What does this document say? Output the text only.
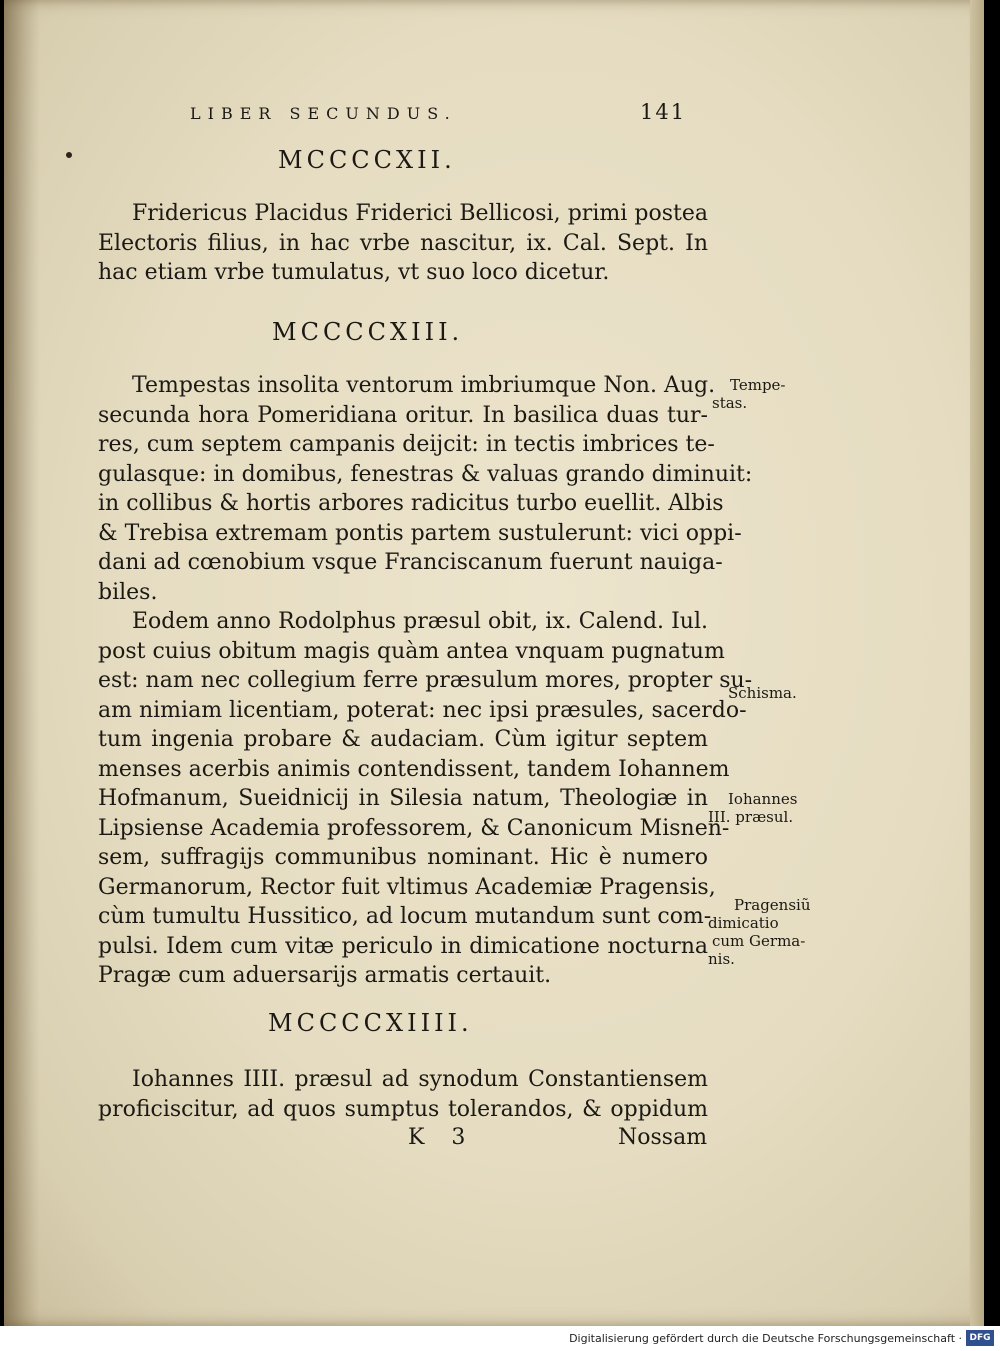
LIBER SECUNDUS.	141
MCCCCXII.
Fridericus Placidus Friderici Bellicosi, primi postea
Electoris filius, in hac vrbe nascitur, ix. Cal. Sept. In
hac etiam vrbe tumulatus, vt suo loco dicetur.
MCCCCXIII.
Tempestas insolita ventorum imbriumque Non. Aug.
secunda hora Pomeridiana oritur. In basilica duas tur-
res, cum septem campanis deijcit: in tectis imbrices te-
gulasque: in domibus, fenestras & valuas grando diminuit:
in collibus & hortis arbores radicitus turbo euellit. Albis
& Trebisa extremam pontis partem sustulerunt: vici oppi-
dani ad cœnobium vsque Franciscanum fuerunt nauiga-
biles.
Eodem anno Rodolphus præsul obit, ix. Calend. Iul.
post cuius obitum magis quàm antea vnquam pugnatum
est: nam nec collegium ferre præsulum mores, propter su-
am nimiam licentiam, poterat: nec ipsi præsules, sacerdo-
tum ingenia probare & audaciam. Cùm igitur septem
menses acerbis animis contendissent, tandem Iohannem
Hofmanum, Sueidnicij in Silesia natum, Theologiæ in
Lipsiense Academia professorem, & Canonicum Misnen-
sem, suffragijs communibus nominant. Hic è numero
Germanorum, Rector fuit vltimus Academiæ Pragensis,
cùm tumultu Hussitico, ad locum mutandum sunt com-
pulsi. Idem cum vitæ periculo in dimicatione nocturna
Pragæ cum aduersarijs armatis certauit.
Tempe-
stas.
Schisma.
Iohannes
III. præsul.
Pragensiũ
dimicatio
cum Germa-
nis.
MCCCCXIIII.
Iohannes IIII. præsul ad synodum Constantiensem
proficiscitur, ad quos sumptus tolerandos, & oppidum
K 3	Nossam
Digitalisierung gefördert durch die Deutsche Forschungsgemeinschaft · DFG
